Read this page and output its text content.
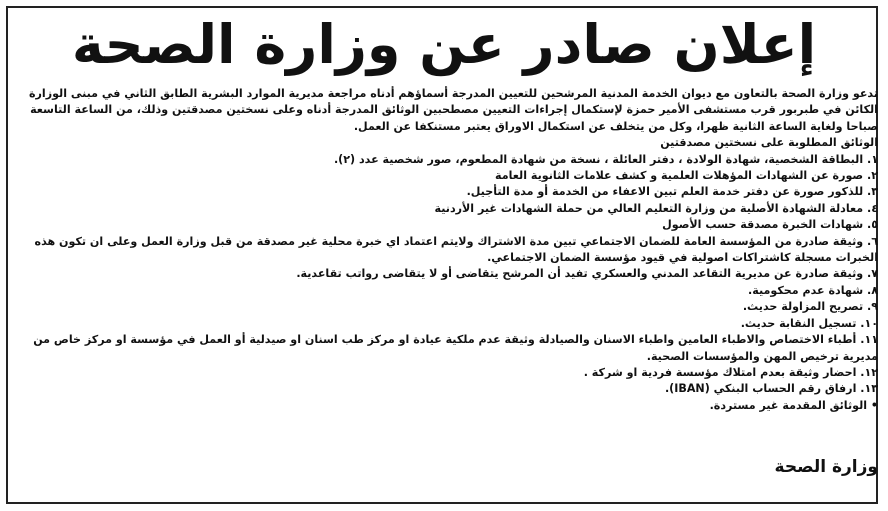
إعلان صادر عن وزارة الصحة

تدعو وزارة الصحة بالتعاون مع ديوان الخدمة المدنية المرشحين للتعيين المدرجة أسماؤهم أدناه مراجعة مديرية الموارد البشرية الطابق الثاني في مبنى الوزارة الكائن في طبربور قرب مستشفى الأمير حمزة لإستكمال إجراءات التعيين مصطحبين الوثائق المدرجة أدناه وعلى نسختين مصدقتين وذلك، من الساعة التاسعة صباحا ولغاية الساعة الثانية ظهرا، وكل من يتخلف عن استكمال الاوراق يعتبر مستنكفا عن العمل.

الوثائق المطلوبة على نسختين مصدقتين

١. البطاقة الشخصية، شهادة الولادة ، دفتر العائلة ، نسخة من شهادة المطعوم، صور شخصية عدد (٢).
٢. صورة عن الشهادات المؤهلات العلمية و كشف علامات الثانوية العامة
٣. للذكور صورة عن دفتر خدمة العلم تبين الاعفاء من الخدمة أو مدة التأجيل.
٤. معادلة الشهادة الأصلية من وزارة التعليم العالي من حملة الشهادات غير الأردنية
٥. شهادات الخبرة مصدقة حسب الأصول
٦. وثيقة صادرة من المؤسسة العامة للضمان الاجتماعي تبين مدة الاشتراك ولايتم اعتماد اي خبرة محلية غير مصدقة من قبل وزارة العمل وعلى ان تكون هذه الخبرات مسجلة كاشتراكات اصولية في قيود مؤسسة الضمان الاجتماعي.
٧. وثيقة صادرة عن مديرية التقاعد المدني والعسكري تفيد أن المرشح يتقاضى أو لا يتقاضى رواتب تقاعدية.
٨. شهادة عدم محكومية.
٩. تصريح المزاولة حديث.
١٠. تسجيل النقابة حديث.
١١. أطباء الاختصاص والاطباء العامين واطباء الاسنان والصيادلة وثيقة عدم ملكية عيادة او مركز طب اسنان او صيدلية أو العمل في مؤسسة او مركز خاص من مديرية ترخيص المهن والمؤسسات الصحية.
١٢. احضار وثيقة بعدم امتلاك مؤسسة فردية او شركة .
١٣. ارفاق رقم الحساب البنكي (IBAN).
• الوثائق المقدمة غير مستردة.
وزارة الصحة
